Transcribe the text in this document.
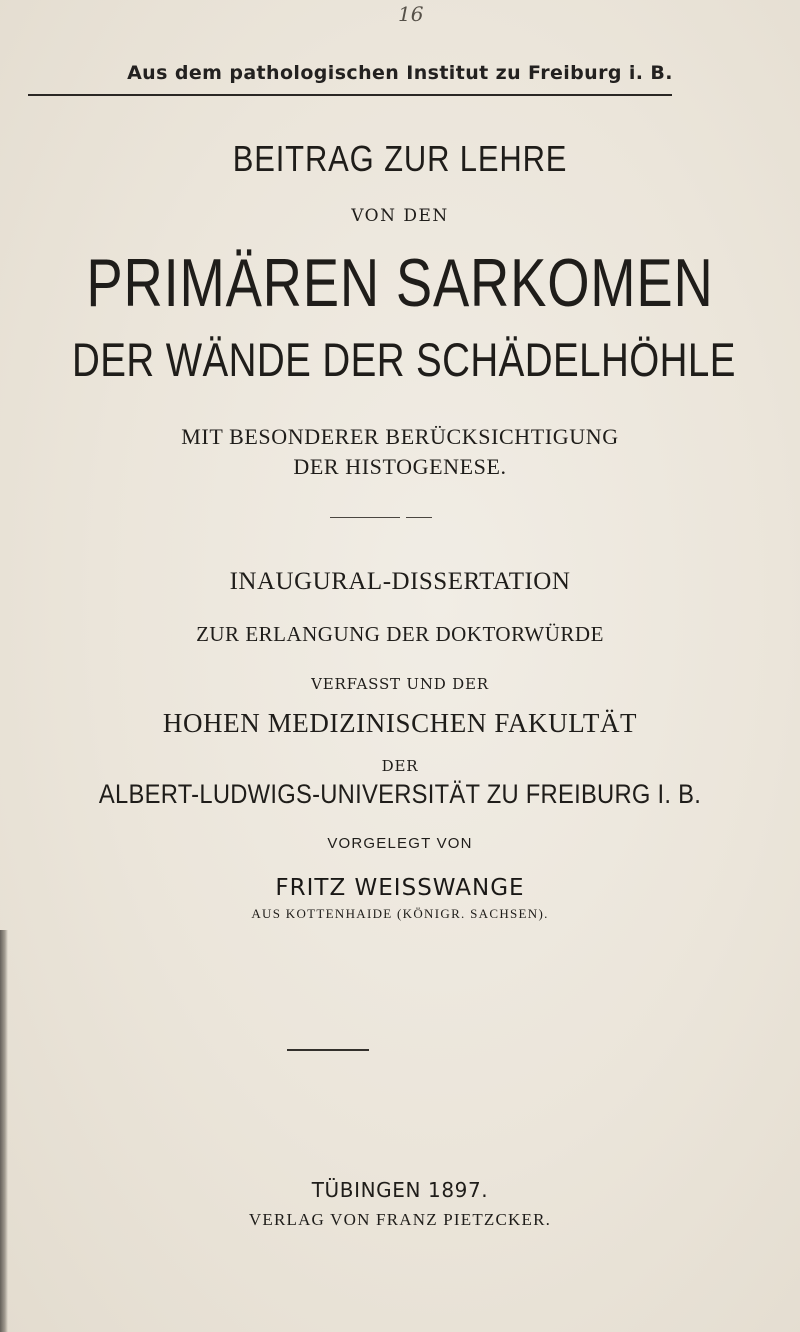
16
Aus dem pathologischen Institut zu Freiburg i. B.
BEITRAG ZUR LEHRE
VON DEN
PRIMÄREN SARKOMEN
DER WÄNDE DER SCHÄDELHÖHLE
MIT BESONDERER BERÜCKSICHTIGUNG
DER HISTOGENESE.
INAUGURAL-DISSERTATION
ZUR ERLANGUNG DER DOKTORWÜRDE
VERFASST UND DER
HOHEN MEDIZINISCHEN FAKULTÄT
DER
ALBERT-LUDWIGS-UNIVERSITÄT ZU FREIBURG I. B.
VORGELEGT VON
FRITZ WEISSWANGE
AUS KOTTENHAIDE (KÖNIGR. SACHSEN).
TÜBINGEN 1897.
VERLAG VON FRANZ PIETZCKER.
